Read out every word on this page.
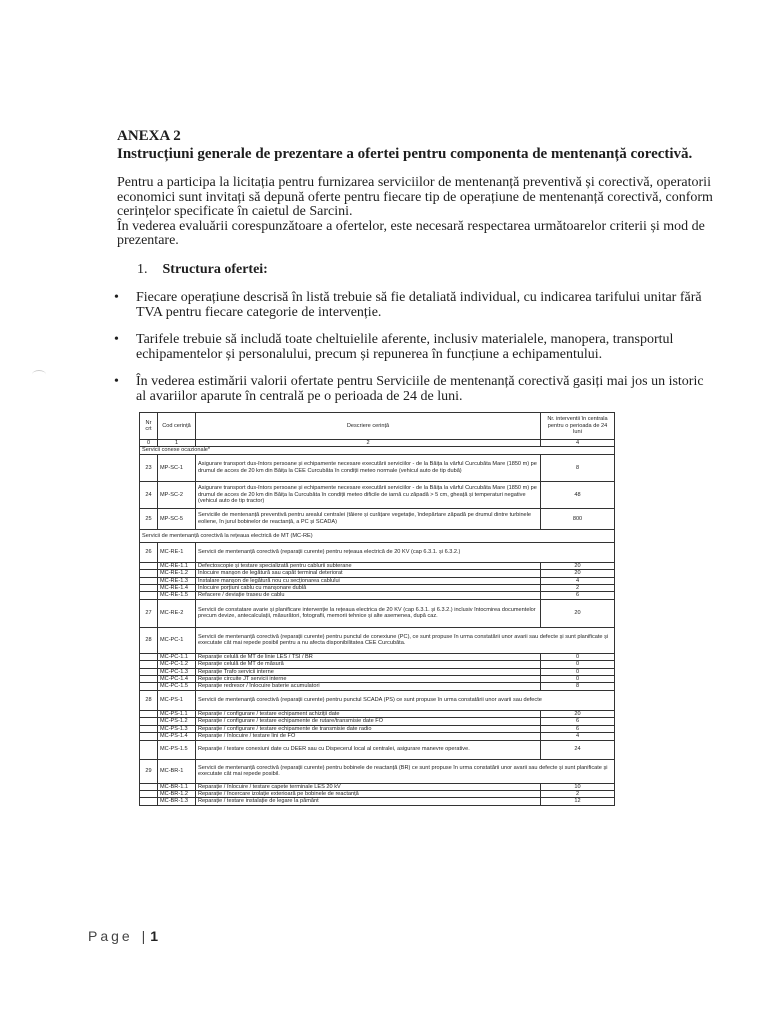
ANEXA 2
Instrucțiuni generale de prezentare a ofertei pentru componenta de mentenanță corectivă.

Pentru a participa la licitația pentru furnizarea serviciilor de mentenanță preventivă și corectivă, operatorii economici sunt invitați să depună oferte pentru fiecare tip de operațiune de mentenanță corectivă, conform cerințelor specificate în caietul de Sarcini.

În vederea evaluării corespunzătoare a ofertelor, este necesară respectarea următoarelor criterii și mod de prezentare.

1. Structura ofertei:
• Fiecare operațiune descrisă în listă trebuie să fie detaliată individual, cu indicarea tarifului unitar fără TVA pentru fiecare categorie de intervenție.
• Tarifele trebuie să includă toate cheltuielile aferente, inclusiv materialele, manopera, transportul echipamentelor și personalului, precum și repunerea în funcțiune a echipamentului.
• În vederea estimării valorii ofertate pentru Serviciile de mentenanță corectivă gasiți mai jos un istoric al avariilor aparute în centrală pe o perioada de 24 de luni.
Nr crt	Cod cerință	Descriere cerință	Nr. interventii în centrala pentru o perioada de 24 luni
0	1	2	4
Servicii conexe ocazionale*			
23	MP-SC-1	Asigurare transport dus-întors persoane și echipamente necesare executării serviciilor - de la Băița la vârful Curcubăta Mare (1850 m) pe drumul de acces de 20 km din Băița la CEE Curcubăta în condiții meteo normale (vehicul auto de tip dubă)	8
24	MP-SC-2	Asigurare transport dus-întors persoane și echipamente necesare executării serviciilor - de la Băița la vârful Curcubăta Mare (1850 m) pe drumul de acces de 20 km din Băița la Curcubăta în condiții meteo dificile de iarnă cu zăpadă > 5 cm, gheață și temperaturi negative (vehicul auto de tip tractor)	48
25	MP-SC-5	Serviciile de mentenanță preventivă pentru arealul centralei (tăiere și curățare vegetație, îndepărtare zăpadă pe drumul dintre turbinele eoliene, în jurul bobinelor de reactanță, a PC și SCADA)	800
Servicii de mentenanță corectivă la rețeaua electrică de MT (MC-RE)			
26	MC-RE-1	Servicii de mentenanță corectivă (reparații curente) pentru rețeaua electrică de 20 KV (cap 6.3.1. și 6.3.2.)	
	MC-RE-1.1	Defectoscopie și testare specializată pentru cablurii subterane	20
	MC-RE-1.2	Înlocuire manșon de legătură sau capăt terminal deteriorat	20
	MC-RE-1.3	Instalare manșon de legătură nou cu secționarea cablului	4
	MC-RE-1.4	Înlocuire porțiuni cablu cu manșonare dublă	2
	MC-RE-1.5	Refacere / deviație traseu de cablu	6
27	MC-RE-2	Servicii de constatare avarie și planificare intervenție la rețeaua electrica de 20 KV (cap 6.3.1. și 6.3.2.) inclusiv întocmirea documentelor precum devize, antecalculații, măsurători, fotografii, memorii tehnice și alte asemenea, după caz.	20
28	MC-PC-1	Servicii de mentenanță corectivă (reparații curente) pentru punctul de conexiune (PC), ce sunt propuse în urma constatării unor avarii sau defecte și sunt planificate și executate cât mai repede posibil pentru a nu afecta disponibilitatea CEE Curcubăta.	
	MC-PC-1.1	Reparație celulă de MT de linie LES / TSI / BR	0
	MC-PC-1.2	Reparație celulă de MT de măsură	0
	MC-PC-1.3	Reparație Trafo servicii interne	0
	MC-PC-1.4	Reparație circuite JT servicii interne	0
	MC-PC-1.5	Reparație redresor / înlocuire baterie acumulatori	8
28	MC-PS-1	Servicii de mentenanță corectivă (reparații curente) pentru punctul SCADA (PS) ce sunt propuse în urma constatării unor avarii sau defecte	
	MC-PS-1.1	Reparație / configurare / testare echipament achiziții date	20
	MC-PS-1.2	Reparație / configurare / testare echipamente de rutare/transmisie date FO	6
	MC-PS-1.3	Reparație / configurare / testare echipamente de transmisie date radio	6
	MC-PS-1.4	Reparație / înlocuire / testare lini de FO	4
	MC-PS-1.5	Reparație / testare conexiuni date cu DEER sau cu Dispecerul local al centralei, asigurare manevre operative.	24
29	MC-BR-1	Servicii de mentenanță corectivă (reparații curente) pentru bobinele de reactanță (BR) ce sunt propuse în urma constatării unor avarii sau defecte și sunt planificate și executate cât mai repede posibil.	
	MC-BR-1.1	Reparație / înlocuire / testare capete terminale LES 20 kV	10
	MC-BR-1.2	Reparație / încercare izolație exterioară pe bobinele de reactanță	2
	MC-BR-1.3	Reparație / testare instalație de legare la pământ	12
Page | 1
